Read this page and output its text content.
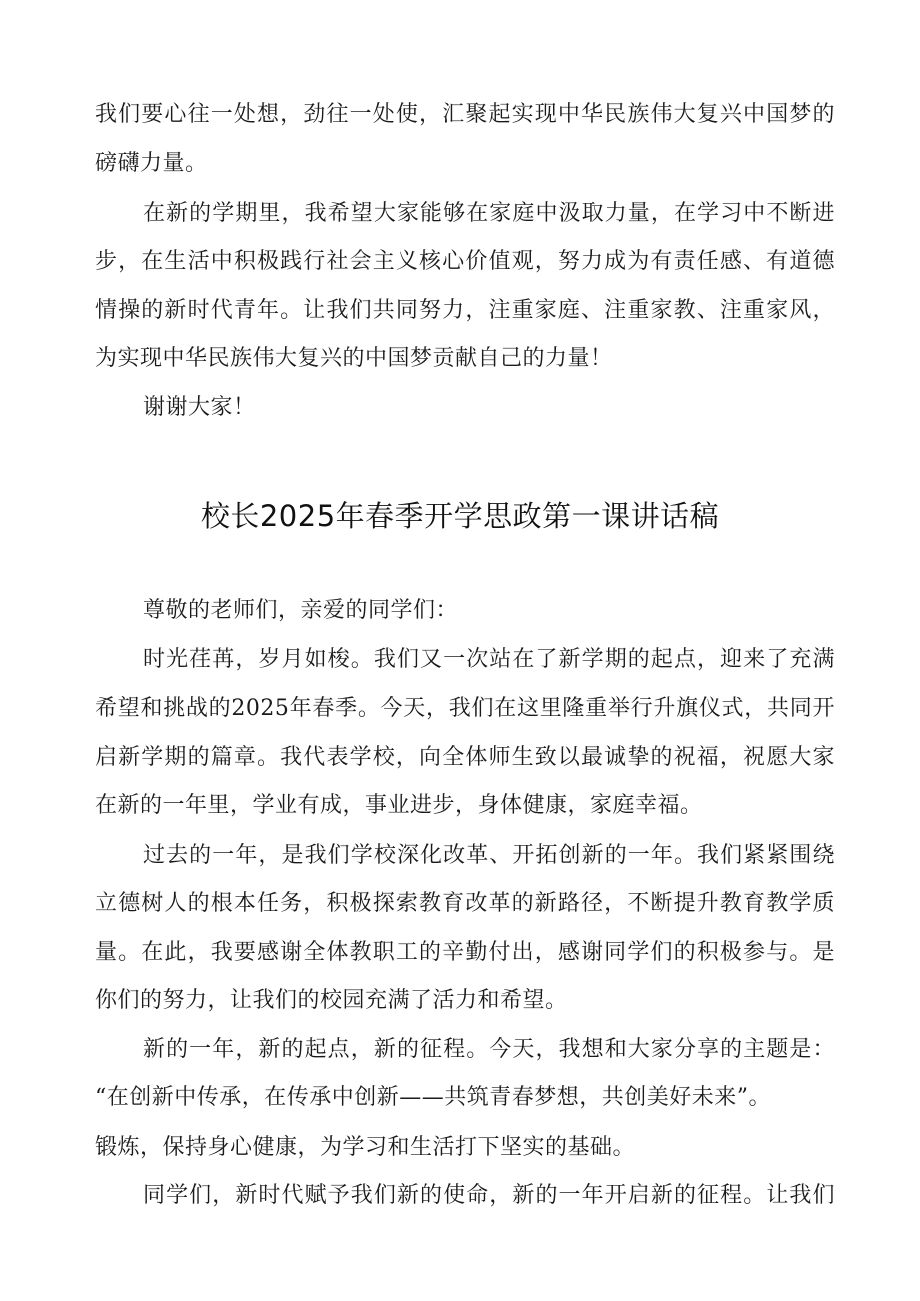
我们要心往一处想，劲往一处使，汇聚起实现中华民族伟大复兴中国梦的
磅礴力量。
在新的学期里，我希望大家能够在家庭中汲取力量，在学习中不断进
步，在生活中积极践行社会主义核心价值观，努力成为有责任感、有道德
情操的新时代青年。让我们共同努力，注重家庭、注重家教、注重家风，
为实现中华民族伟大复兴的中国梦贡献自己的力量！
谢谢大家！
校长2025年春季开学思政第一课讲话稿
尊敬的老师们，亲爱的同学们：
时光荏苒，岁月如梭。我们又一次站在了新学期的起点，迎来了充满
希望和挑战的2025年春季。今天，我们在这里隆重举行升旗仪式，共同开
启新学期的篇章。我代表学校，向全体师生致以最诚挚的祝福，祝愿大家
在新的一年里，学业有成，事业进步，身体健康，家庭幸福。
过去的一年，是我们学校深化改革、开拓创新的一年。我们紧紧围绕
立德树人的根本任务，积极探索教育改革的新路径，不断提升教育教学质
量。在此，我要感谢全体教职工的辛勤付出，感谢同学们的积极参与。是
你们的努力，让我们的校园充满了活力和希望。
新的一年，新的起点，新的征程。今天，我想和大家分享的主题是：
“在创新中传承，在传承中创新——共筑青春梦想，共创美好未来”。
锻炼，保持身心健康，为学习和生活打下坚实的基础。
同学们，新时代赋予我们新的使命，新的一年开启新的征程。让我们
